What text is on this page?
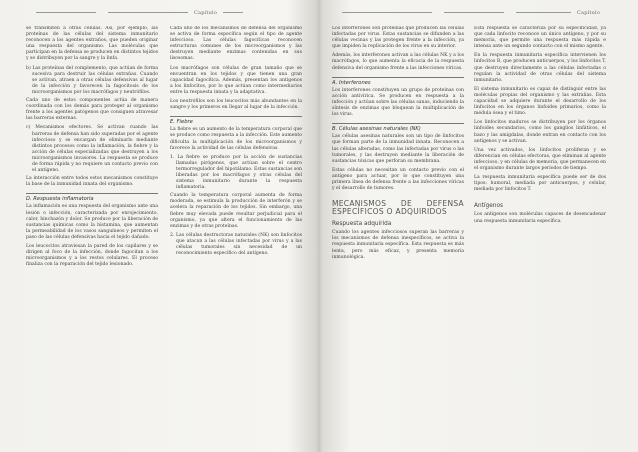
Capítulo

se transmiten a otras células. Así, por ejemplo, las proteínas de las células del sistema inmunitario reconocen a los agentes extraños, que pueden originar una respuesta del organismo. Las moléculas que participan en la defensa se producen en distintos tejidos y se distribuyen por la sangre y la linfa.

b) Las proteínas del complemento, que actúan de forma sucesiva para destruir las células extrañas. Cuando se activan, atraen a otras células defensivas al lugar de la infección y favorecen la fagocitosis de los microorganismos por los macrófagos y neutrófilos.

Cada uno de estos componentes actúa de manera coordinada con los demás para proteger al organismo frente a los agentes patógenos que consiguen atravesar las barreras externas.

c) Mecanismos efectores. Se activan cuando las barreras de defensa han sido superadas por el agente infeccioso y se encargan de eliminarlo mediante distintos procesos como la inflamación, la fiebre y la acción de células especializadas que destruyen a los microorganismos invasores. La respuesta se produce de forma rápida y no requiere un contacto previo con el antígeno.

La interacción entre todos estos mecanismos constituye la base de la inmunidad innata del organismo.

D. Respuesta inflamatoria

La inflamación es una respuesta del organismo ante una lesión o infección, caracterizada por enrojecimiento, calor, hinchazón y dolor. Se produce por la liberación de sustancias químicas como la histamina, que aumentan la permeabilidad de los vasos sanguíneos y permiten el paso de las células defensivas hacia el tejido dañado.

Los leucocitos atraviesan la pared de los capilares y se dirigen al foco de la infección, donde fagocitan a los microorganismos y a los restos celulares. El proceso finaliza con la reparación del tejido lesionado.

Cada uno de los mecanismos de defensa del organismo se activa de forma específica según el tipo de agente infeccioso. Las células fagocíticas reconocen estructuras comunes de los microorganismos y las destruyen mediante enzimas contenidas en sus lisosomas.

Los macrófagos son células de gran tamaño que se encuentran en los tejidos y que tienen una gran capacidad fagocítica. Además, presentan los antígenos a los linfocitos, por lo que actúan como intermediarios entre la respuesta innata y la adaptativa.

Los neutrófilos son los leucocitos más abundantes en la sangre y los primeros en llegar al lugar de la infección.

E. Fiebre

La fiebre es un aumento de la temperatura corporal que se produce como respuesta a la infección. Este aumento dificulta la multiplicación de los microorganismos y favorece la actividad de las células defensivas.

1. La fiebre se produce por la acción de sustancias llamadas pirógenos, que actúan sobre el centro termorregulador del hipotálamo. Estas sustancias son liberadas por los macrófagos y otras células del sistema inmunitario durante la respuesta inflamatoria.

Cuando la temperatura corporal aumenta de forma moderada, se estimula la producción de interferón y se acelera la reparación de los tejidos. Sin embargo, una fiebre muy elevada puede resultar perjudicial para el organismo, ya que altera el funcionamiento de las enzimas y de otras proteínas.

2. Las células destructoras naturales (NK) son linfocitos que atacan a las células infectadas por virus y a las células tumorales sin necesidad de un reconocimiento específico del antígeno.

Capítulo

Los interferones son proteínas que producen las células infectadas por virus. Estas sustancias se difunden a las células vecinas y las protegen frente a la infección, ya que impiden la replicación de los virus en su interior.

Además, los interferones activan a las células NK y a los macrófagos, lo que aumenta la eficacia de la respuesta defensiva del organismo frente a las infecciones víricas.

A. Interferones

Los interferones constituyen un grupo de proteínas con acción antivírica. Se producen en respuesta a la infección y actúan sobre las células sanas, induciendo la síntesis de enzimas que bloquean la multiplicación de los virus.

B. Células asesinas naturales (NK)

Las células asesinas naturales son un tipo de linfocitos que forman parte de la inmunidad innata. Reconocen a las células alteradas, como las infectadas por virus o las tumorales, y las destruyen mediante la liberación de sustancias tóxicas que perforan su membrana.

Estas células no necesitan un contacto previo con el antígeno para actuar, por lo que constituyen una primera línea de defensa frente a las infecciones víricas y el desarrollo de tumores.

MECANISMOS DE DEFENSA ESPECÍFICOS O ADQUIRIDOS
Respuesta adquirida

Cuando los agentes infecciosos superan las barreras y los mecanismos de defensa inespecíficos, se activa la respuesta inmunitaria específica. Esta respuesta es más lenta, pero más eficaz, y presenta memoria inmunológica.

Esta respuesta se caracteriza por su especificidad, ya que cada linfocito reconoce un único antígeno, y por su memoria, que permite una respuesta más rápida e intensa ante un segundo contacto con el mismo agente.

En la respuesta inmunitaria específica intervienen los linfocitos B, que producen anticuerpos, y los linfocitos T, que destruyen directamente a las células infectadas o regulan la actividad de otras células del sistema inmunitario.

El sistema inmunitario es capaz de distinguir entre las moléculas propias del organismo y las extrañas. Esta capacidad se adquiere durante el desarrollo de los linfocitos en los órganos linfoides primarios, como la médula ósea y el timo.

Los linfocitos maduros se distribuyen por los órganos linfoides secundarios, como los ganglios linfáticos, el bazo y las amígdalas, donde entran en contacto con los antígenos y se activan.

Una vez activados, los linfocitos proliferan y se diferencian en células efectoras, que eliminan al agente infeccioso, y en células de memoria, que permanecen en el organismo durante largos periodos de tiempo.

La respuesta inmunitaria específica puede ser de dos tipos: humoral, mediada por anticuerpos, y celular, mediada por linfocitos T.

Antígenos

Los antígenos son moléculas capaces de desencadenar una respuesta inmunitaria específica.
